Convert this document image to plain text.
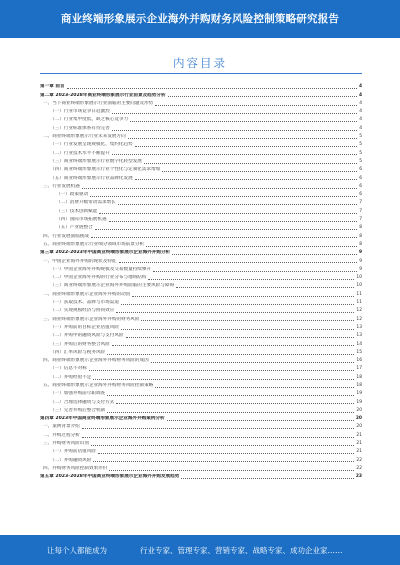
商业终端形象展示企业海外并购财务风险控制策略研究报告
内容目录
第一章 前言	4
第二章 2023-2028年商业终端形象展示行业前景及趋势分析	4
一、当下商业终端形象展示行业面临的主要问题及形势	4
（一）行业市场竞争日趋激烈	4
（二）行业集中度低，缺乏核心竞争力	4
（三）行业标准体系有待完善	4
二、商业终端形象展示行业未来发展方向	5
（一）行业发展呈现规模化、集约化趋势	5
（二）行业技术水平不断提升	5
（三）商业终端形象展示行业数字化转型发展	5
（四）商业终端形象展示行业个性化与定制化需求增加	6
（五）商业终端形象展示行业品牌化发展	6
三、行业发展机遇	6
（一）政策驱动	6
（二）消费升级带动需求增长	7
（三）技术创新赋能	7
（四）国际市场拓展机遇	7
（五）产业链整合	8
四、行业发展面临挑战	8
五、商业终端形象展示行业细分领域市场前景分析	8
第三章 2022-2023年中国商业终端形象展示企业海外并购分析	9
一、中国企业海外并购的现状及特征	9
（一）中国企业海外并购规模及交易数量持续攀升	9
（二）中国企业海外并购的行业分布与地域结构	10
（三）商业终端形象展示企业海外并购面临的主要风险与障碍	10
二、商业终端形象展示企业海外并购的动因	11
（一）获取技术、品牌与市场渠道	11
（二）实现规模经济与协同效应	12
三、商业终端形象展示企业海外并购的财务风险	12
（一）并购前的目标企业估值风险	13
（二）并购中的融资风险与支付风险	13
（三）并购后的财务整合风险	14
（四）汇率风险与税务风险	15
四、商业终端形象展示企业海外并购财务风险的成因	16
（一）信息不对称	17
（二）并购经验不足	18
五、商业终端形象展示企业海外并购财务风险控制策略	18
（一）加强并购前尽职调查	19
（二）合理选择融资与支付方式	19
（三）完善并购后整合机制	20
第四章 2023年中国商业终端形象展示企业海外并购案例分析	20
一、案例背景介绍	20
二、并购过程分析	21
三、并购财务风险识别	21
（一）并购前估值风险	21
（二）并购融资风险	22
四、并购财务风险控制效果评价	22
第五章 2023-2028年中国商业终端形象展示企业海外并购发展趋势	23
让每个人都能成为	行业专家、管理专家、营销专家、战略专家、成功企业家……
